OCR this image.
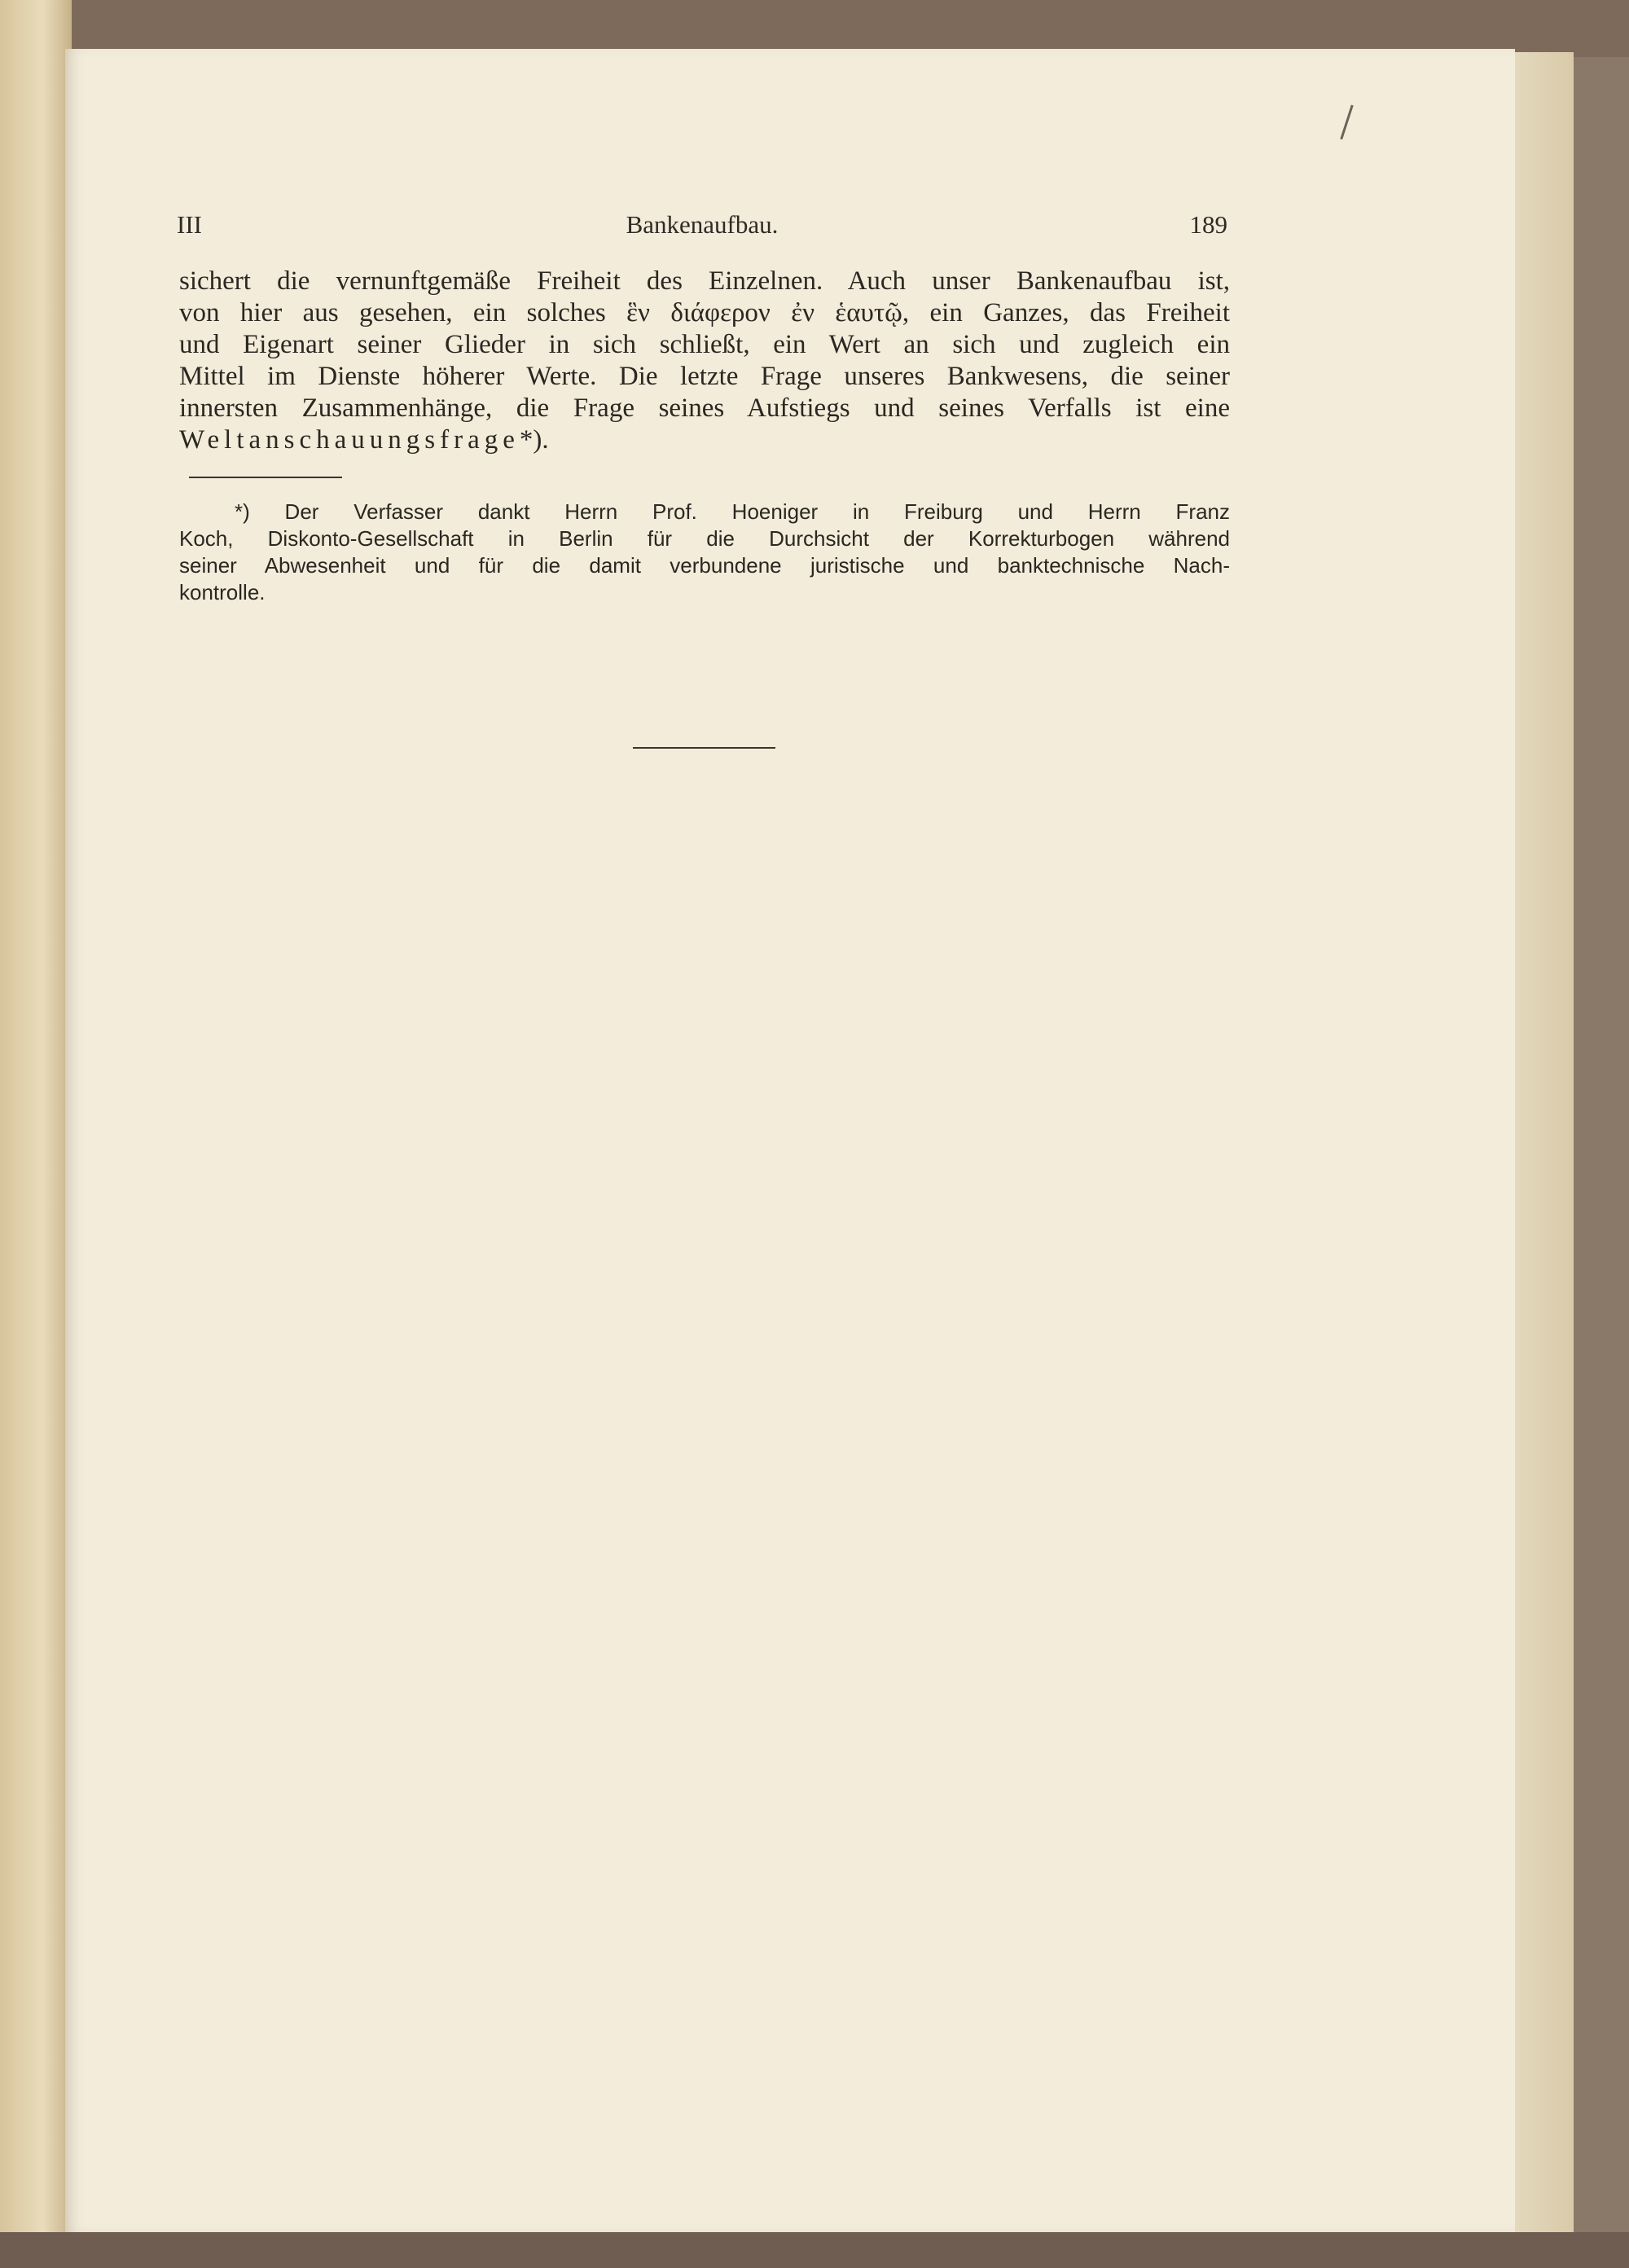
III	Bankenaufbau.	189
sichert die vernunftgemäße Freiheit des Einzelnen. Auch unser Bankenaufbau ist,
von hier aus gesehen, ein solches ἓν διάφερον ἐν ἑαυτῷ, ein Ganzes, das Freiheit
und Eigenart seiner Glieder in sich schließt, ein Wert an sich und zugleich ein
Mittel im Dienste höherer Werte. Die letzte Frage unseres Bankwesens, die seiner
innersten Zusammenhänge, die Frage seines Aufstiegs und seines Verfalls ist eine
Weltanschauungsfrage*).
*) Der Verfasser dankt Herrn Prof. Hoeniger in Freiburg und Herrn Franz
Koch, Diskonto-Gesellschaft in Berlin für die Durchsicht der Korrekturbogen während
seiner Abwesenheit und für die damit verbundene juristische und banktechnische Nach-
kontrolle.
